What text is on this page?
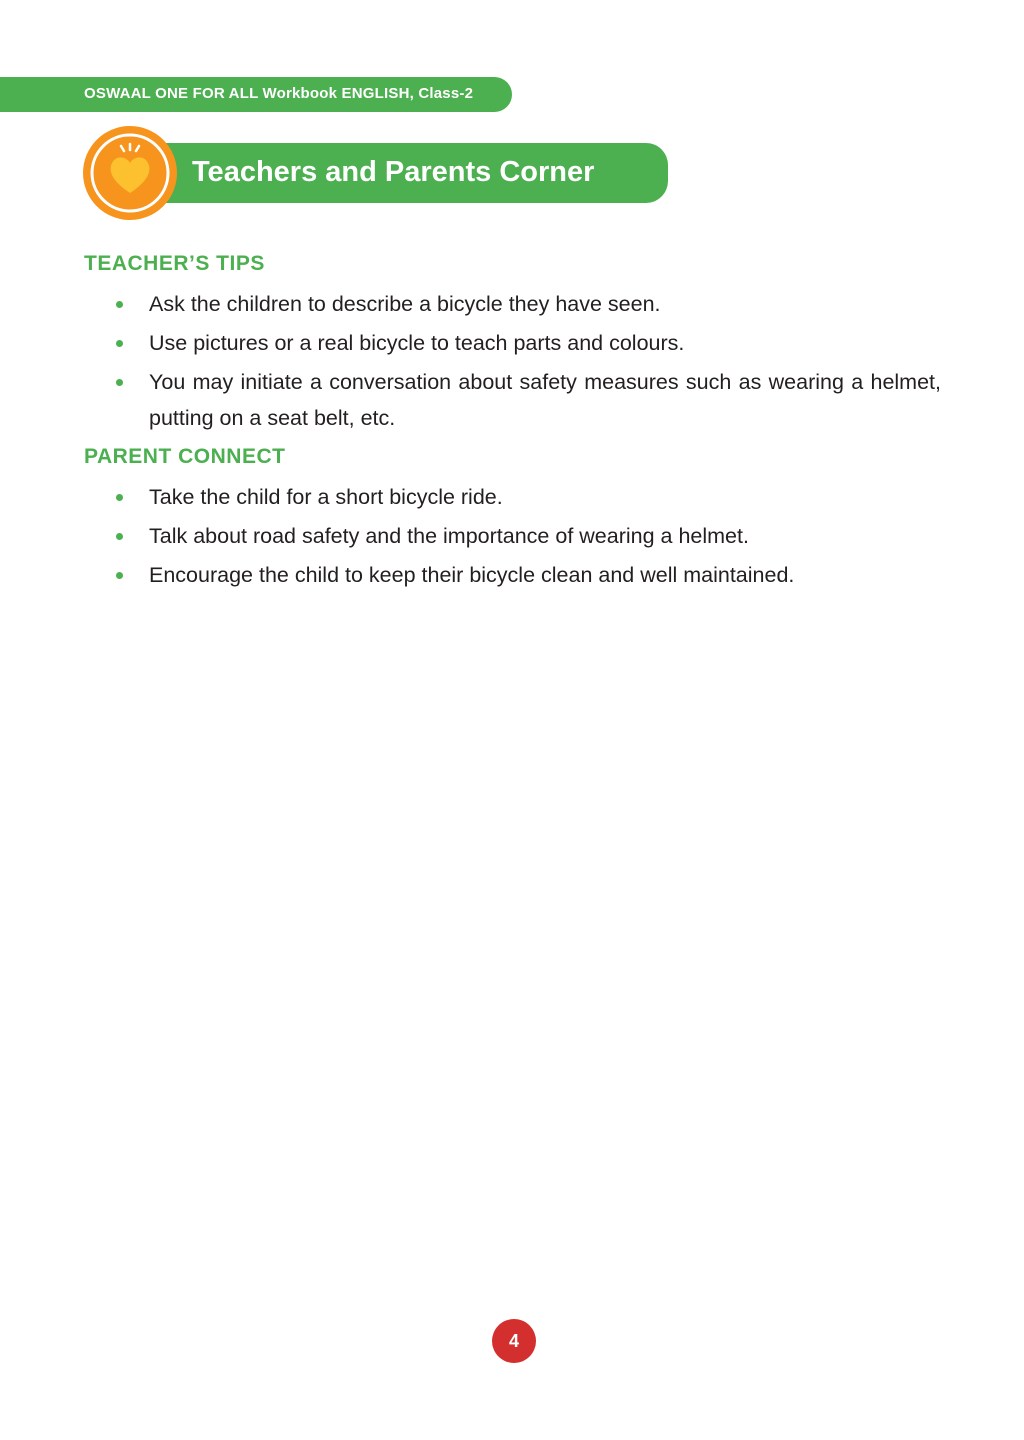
OSWAAL ONE FOR ALL Workbook ENGLISH, Class-2
Teachers and Parents Corner
TEACHER’S TIPS
Ask the children to describe a bicycle they have seen.
Use pictures or a real bicycle to teach parts and colours.
You may initiate a conversation about safety measures such as wearing a helmet, putting on a seat belt, etc.
PARENT CONNECT
Take the child for a short bicycle ride.
Talk about road safety and the importance of wearing a helmet.
Encourage the child to keep their bicycle clean and well maintained.
4
